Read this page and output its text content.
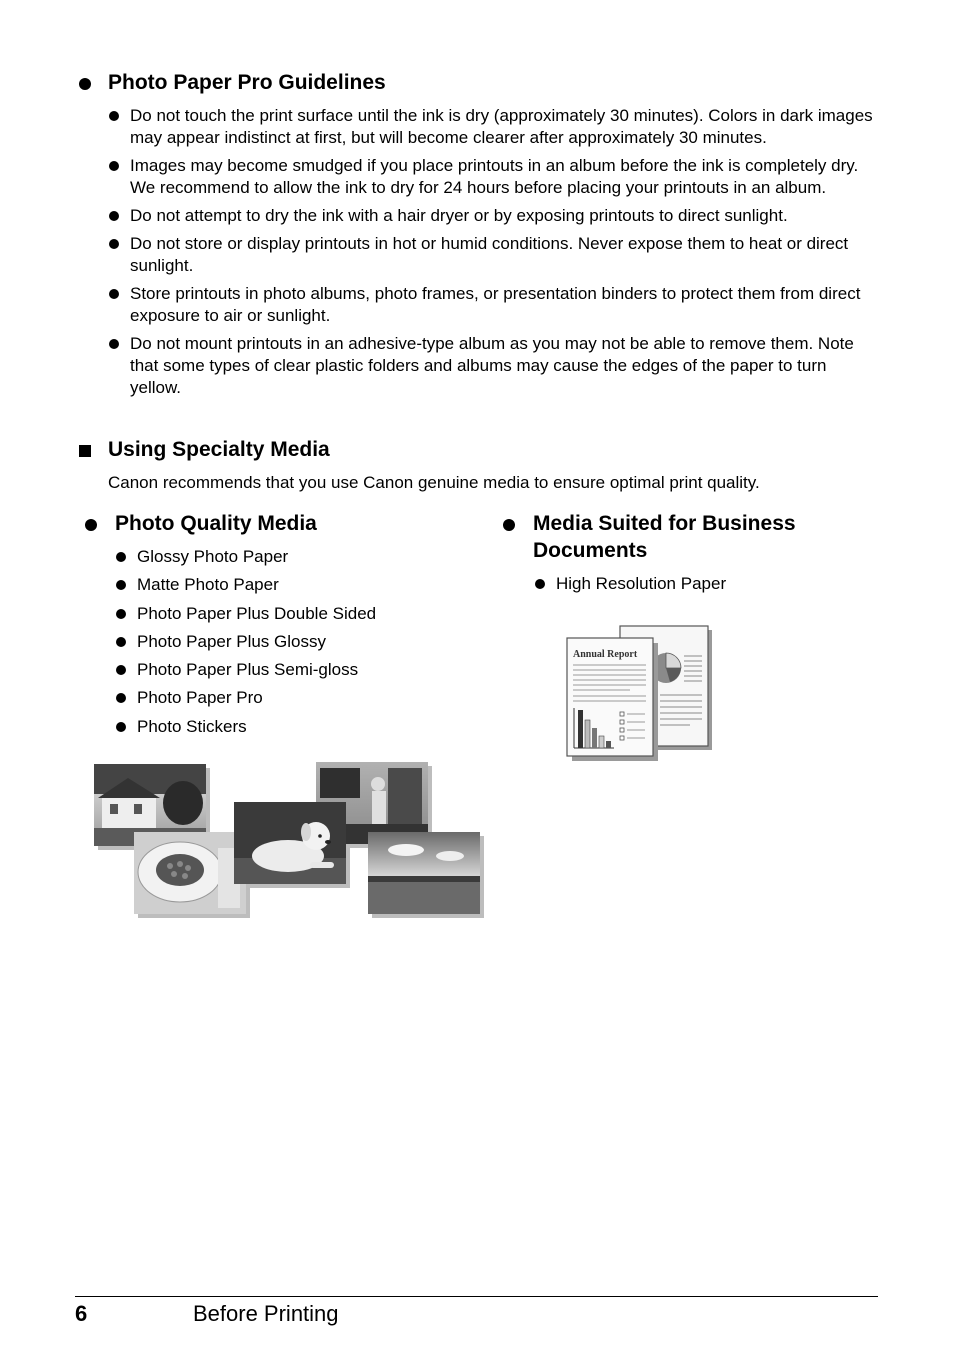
Photo Paper Pro Guidelines
Do not touch the print surface until the ink is dry (approximately 30 minutes). Colors in dark images may appear indistinct at first, but will become clearer after approximately 30 minutes.
Images may become smudged if you place printouts in an album before the ink is completely dry. We recommend to allow the ink to dry for 24 hours before placing your printouts in an album.
Do not attempt to dry the ink with a hair dryer or by exposing printouts to direct sunlight.
Do not store or display printouts in hot or humid conditions. Never expose them to heat or direct sunlight.
Store printouts in photo albums, photo frames, or presentation binders to protect them from direct exposure to air or sunlight.
Do not mount printouts in an adhesive-type album as you may not be able to remove them. Note that some types of clear plastic folders and albums may cause the edges of the paper to turn yellow.
Using Specialty Media
Canon recommends that you use Canon genuine media to ensure optimal print quality.
Photo Quality Media
Glossy Photo Paper
Matte Photo Paper
Photo Paper Plus Double Sided
Photo Paper Plus Glossy
Photo Paper Plus Semi-gloss
Photo Paper Pro
Photo Stickers
Media Suited for Business
Documents
High Resolution Paper
Annual Report
6	Before Printing
